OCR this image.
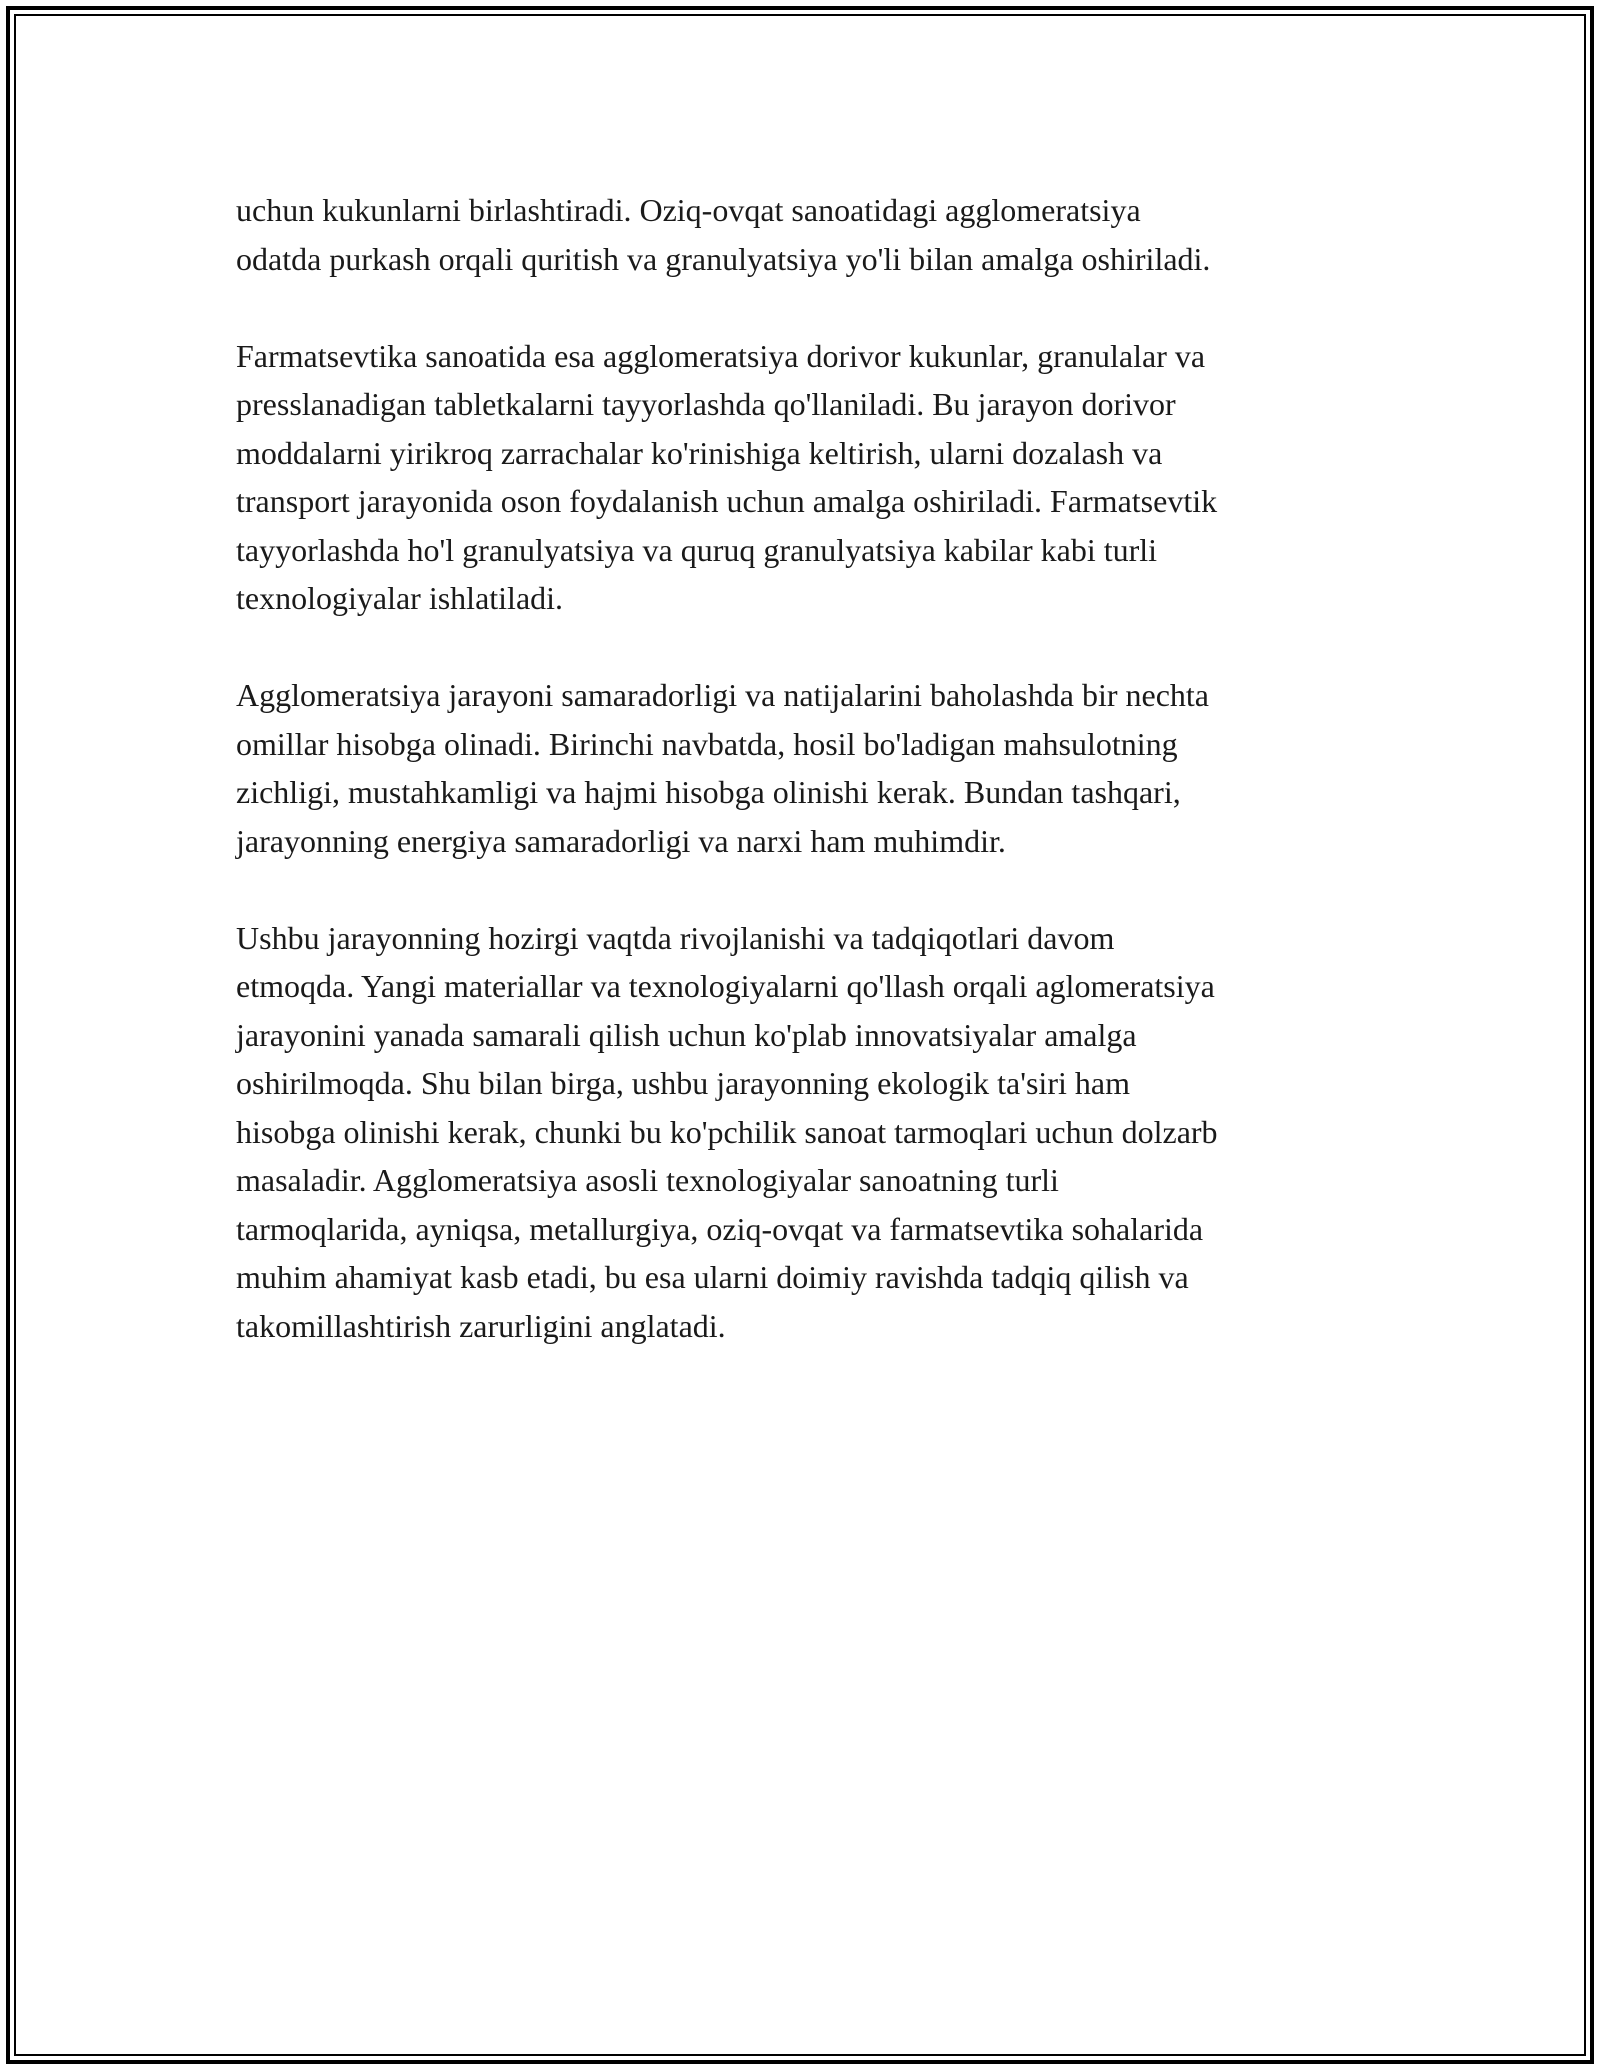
uchun kukunlarni birlashtiradi. Oziq-ovqat sanoatidagi agglomeratsiya
odatda purkash orqali quritish va granulyatsiya yo'li bilan amalga oshiriladi.

Farmatsevtika sanoatida esa agglomeratsiya dorivor kukunlar, granulalar va
presslanadigan tabletkalarni tayyorlashda qo'llaniladi. Bu jarayon dorivor
moddalarni yirikroq zarrachalar ko'rinishiga keltirish, ularni dozalash va
transport jarayonida oson foydalanish uchun amalga oshiriladi. Farmatsevtik
tayyorlashda ho'l granulyatsiya va quruq granulyatsiya kabilar kabi turli
texnologiyalar ishlatiladi.

Agglomeratsiya jarayoni samaradorligi va natijalarini baholashda bir nechta
omillar hisobga olinadi. Birinchi navbatda, hosil bo'ladigan mahsulotning
zichligi, mustahkamligi va hajmi hisobga olinishi kerak. Bundan tashqari,
jarayonning energiya samaradorligi va narxi ham muhimdir.

Ushbu jarayonning hozirgi vaqtda rivojlanishi va tadqiqotlari davom
etmoqda. Yangi materiallar va texnologiyalarni qo'llash orqali aglomeratsiya
jarayonini yanada samarali qilish uchun ko'plab innovatsiyalar amalga
oshirilmoqda. Shu bilan birga, ushbu jarayonning ekologik ta'siri ham
hisobga olinishi kerak, chunki bu ko'pchilik sanoat tarmoqlari uchun dolzarb
masaladir. Agglomeratsiya asosli texnologiyalar sanoatning turli
tarmoqlarida, ayniqsa, metallurgiya, oziq-ovqat va farmatsevtika sohalarida
muhim ahamiyat kasb etadi, bu esa ularni doimiy ravishda tadqiq qilish va
takomillashtirish zarurligini anglatadi.
